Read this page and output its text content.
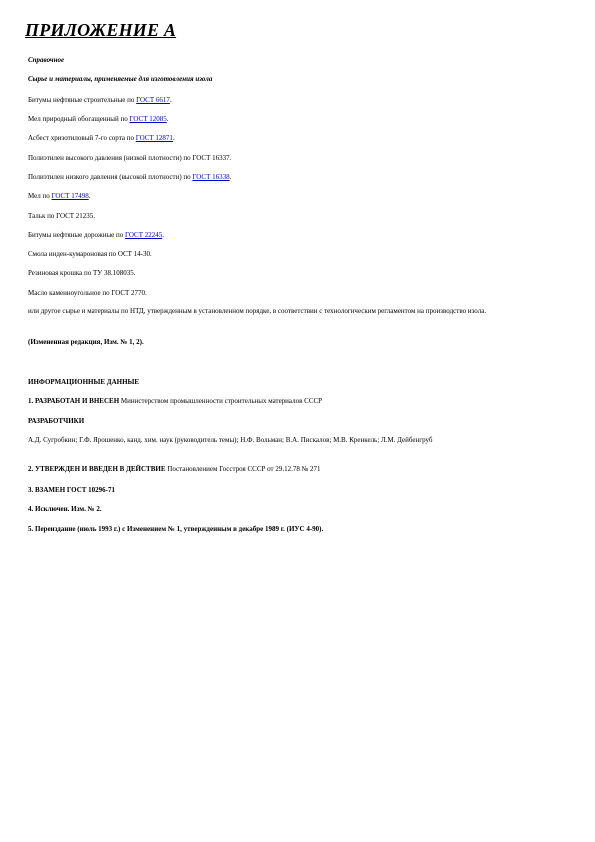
ПРИЛОЖЕНИЕ А
Справочное
Сырье и материалы, применяемые для изготовления изола
Битумы нефтяные строительные по ГОСТ 6617.
Мел природный обогащенный по ГОСТ 12085.
Асбест хризотиловый 7-го сорта по ГОСТ 12871.
Полиэтилен высокого давления (низкой плотности) по ГОСТ 16337.
Полиэтилен низкого давления (высокой плотности) по ГОСТ 16338.
Мел по ГОСТ 17498.
Тальк по ГОСТ 21235.
Битумы нефтяные дорожные по ГОСТ 22245.
Смола инден-кумароновая по ОСТ 14-30.
Резиновая крошка по ТУ 38.108035.
Масло каменноугольное по ГОСТ 2770.
или другое сырье и материалы по НТД, утвержденным в установленном порядке, в соответствии с технологическим регламентом на производство изола.
(Измененная редакция, Изм. № 1, 2).
ИНФОРМАЦИОННЫЕ ДАННЫЕ
1. РАЗРАБОТАН И ВНЕСЕН Министерством промышленности строительных материалов СССР
РАЗРАБОТЧИКИ
А.Д. Сугробкин; Г.Ф. Ярошенко, канд. хим. наук (руководитель темы); Н.Ф. Вольман; В.А. Пискалов; М.В. Кренкель; Л.М. Дейбенгруб
2. УТВЕРЖДЕН И ВВЕДЕН В ДЕЙСТВИЕ Постановлением Госстроя СССР от 29.12.78 № 271
3. ВЗАМЕН ГОСТ 10296-71
4. Исключен. Изм. № 2.
5. Переиздание (июль 1993 г.) с Изменением № 1, утвержденным в декабре 1989 г. (ИУС 4-90).
